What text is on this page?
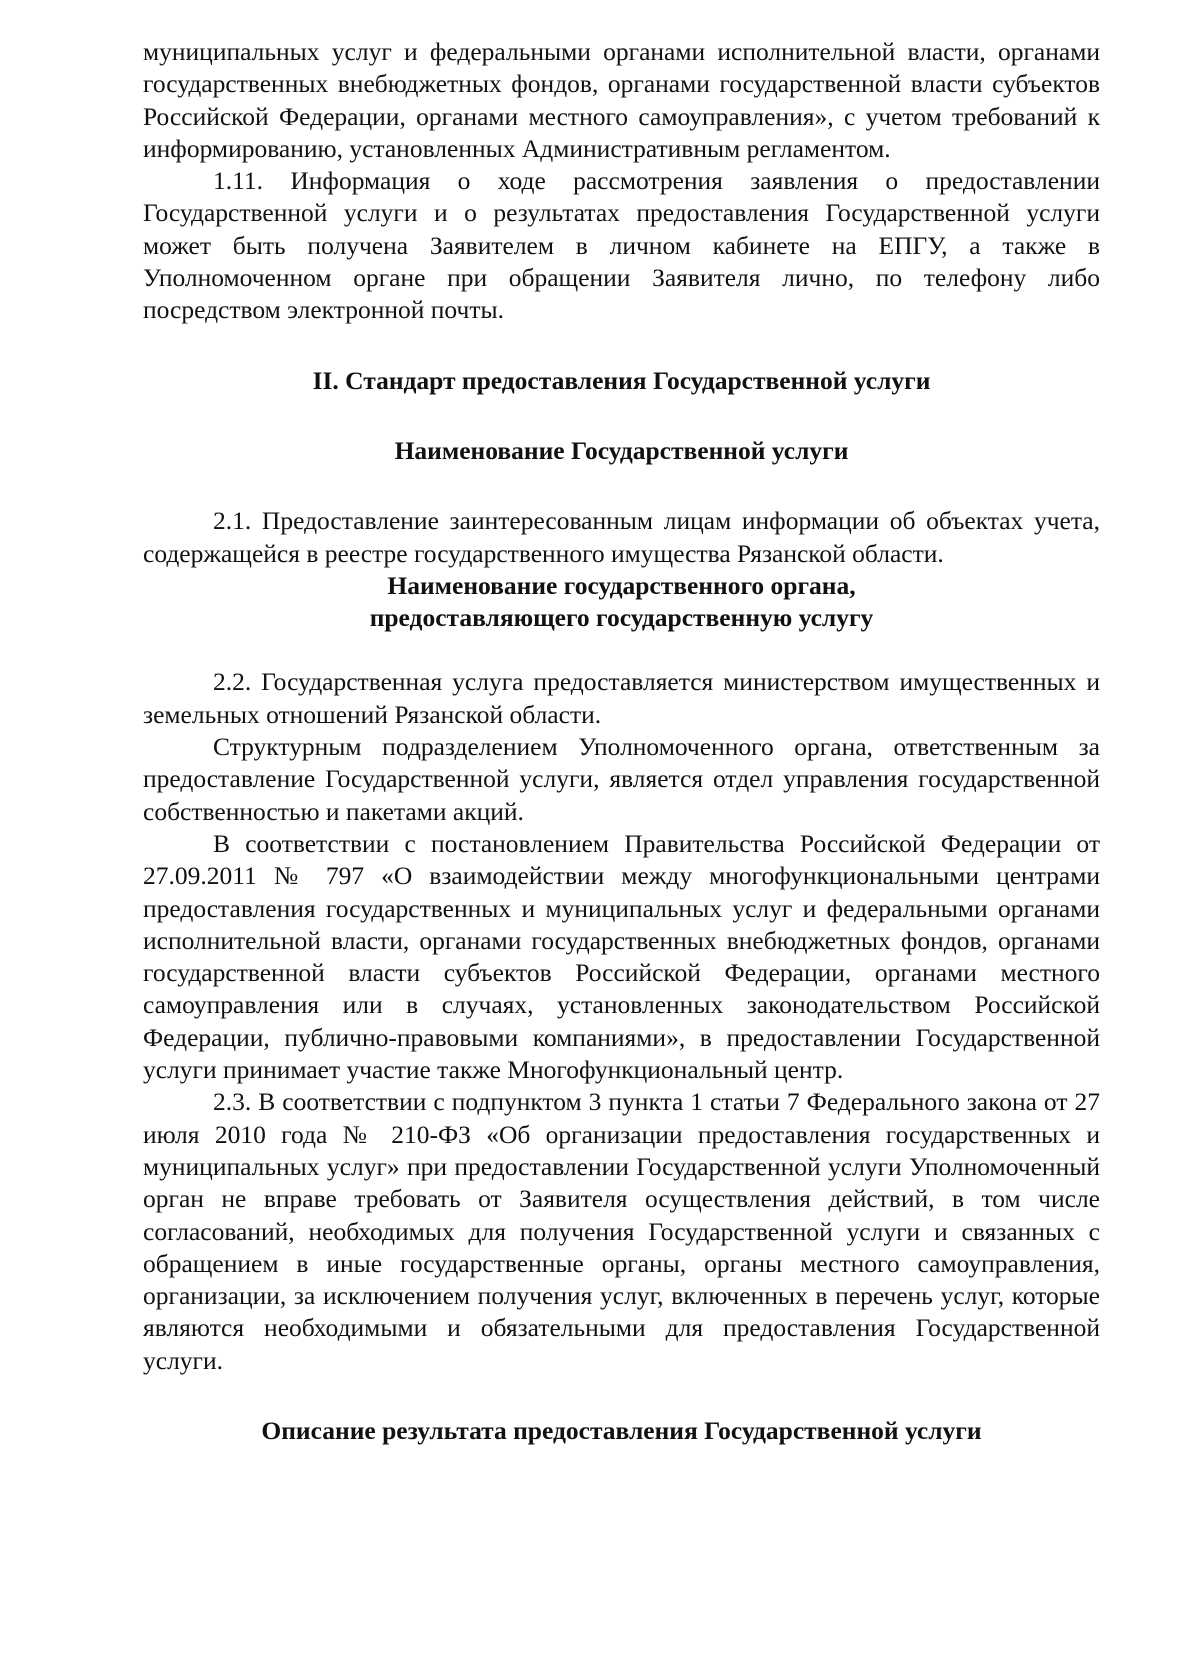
муниципальных услуг и федеральными органами исполнительной власти, органами государственных внебюджетных фондов, органами государственной власти субъектов Российской Федерации, органами местного самоуправления», с учетом требований к информированию, установленных Административным регламентом.

1.11. Информация о ходе рассмотрения заявления о предоставлении Государственной услуги и о результатах предоставления Государственной услуги может быть получена Заявителем в личном кабинете на ЕПГУ, а также в Уполномоченном органе при обращении Заявителя лично, по телефону либо посредством электронной почты.

II. Стандарт предоставления Государственной услуги

Наименование Государственной услуги

2.1. Предоставление заинтересованным лицам информации об объектах учета, содержащейся в реестре государственного имущества Рязанской области.

Наименование государственного органа,

предоставляющего государственную услугу

2.2. Государственная услуга предоставляется министерством имущественных и земельных отношений Рязанской области.

Структурным подразделением Уполномоченного органа, ответственным за предоставление Государственной услуги, является отдел управления государственной собственностью и пакетами акций.

В соответствии с постановлением Правительства Российской Федерации от 27.09.2011 № 797 «О взаимодействии между многофункциональными центрами предоставления государственных и муниципальных услуг и федеральными органами исполнительной власти, органами государственных внебюджетных фондов, органами государственной власти субъектов Российской Федерации, органами местного самоуправления или в случаях, установленных законодательством Российской Федерации, публично-правовыми компаниями», в предоставлении Государственной услуги принимает участие также Многофункциональный центр.

2.3. В соответствии с подпунктом 3 пункта 1 статьи 7 Федерального закона от 27 июля 2010 года № 210-ФЗ «Об организации предоставления государственных и муниципальных услуг» при предоставлении Государственной услуги Уполномоченный орган не вправе требовать от Заявителя осуществления действий, в том числе согласований, необходимых для получения Государственной услуги и связанных с обращением в иные государственные органы, органы местного самоуправления, организации, за исключением получения услуг, включенных в перечень услуг, которые являются необходимыми и обязательными для предоставления Государственной услуги.

Описание результата предоставления Государственной услуги
